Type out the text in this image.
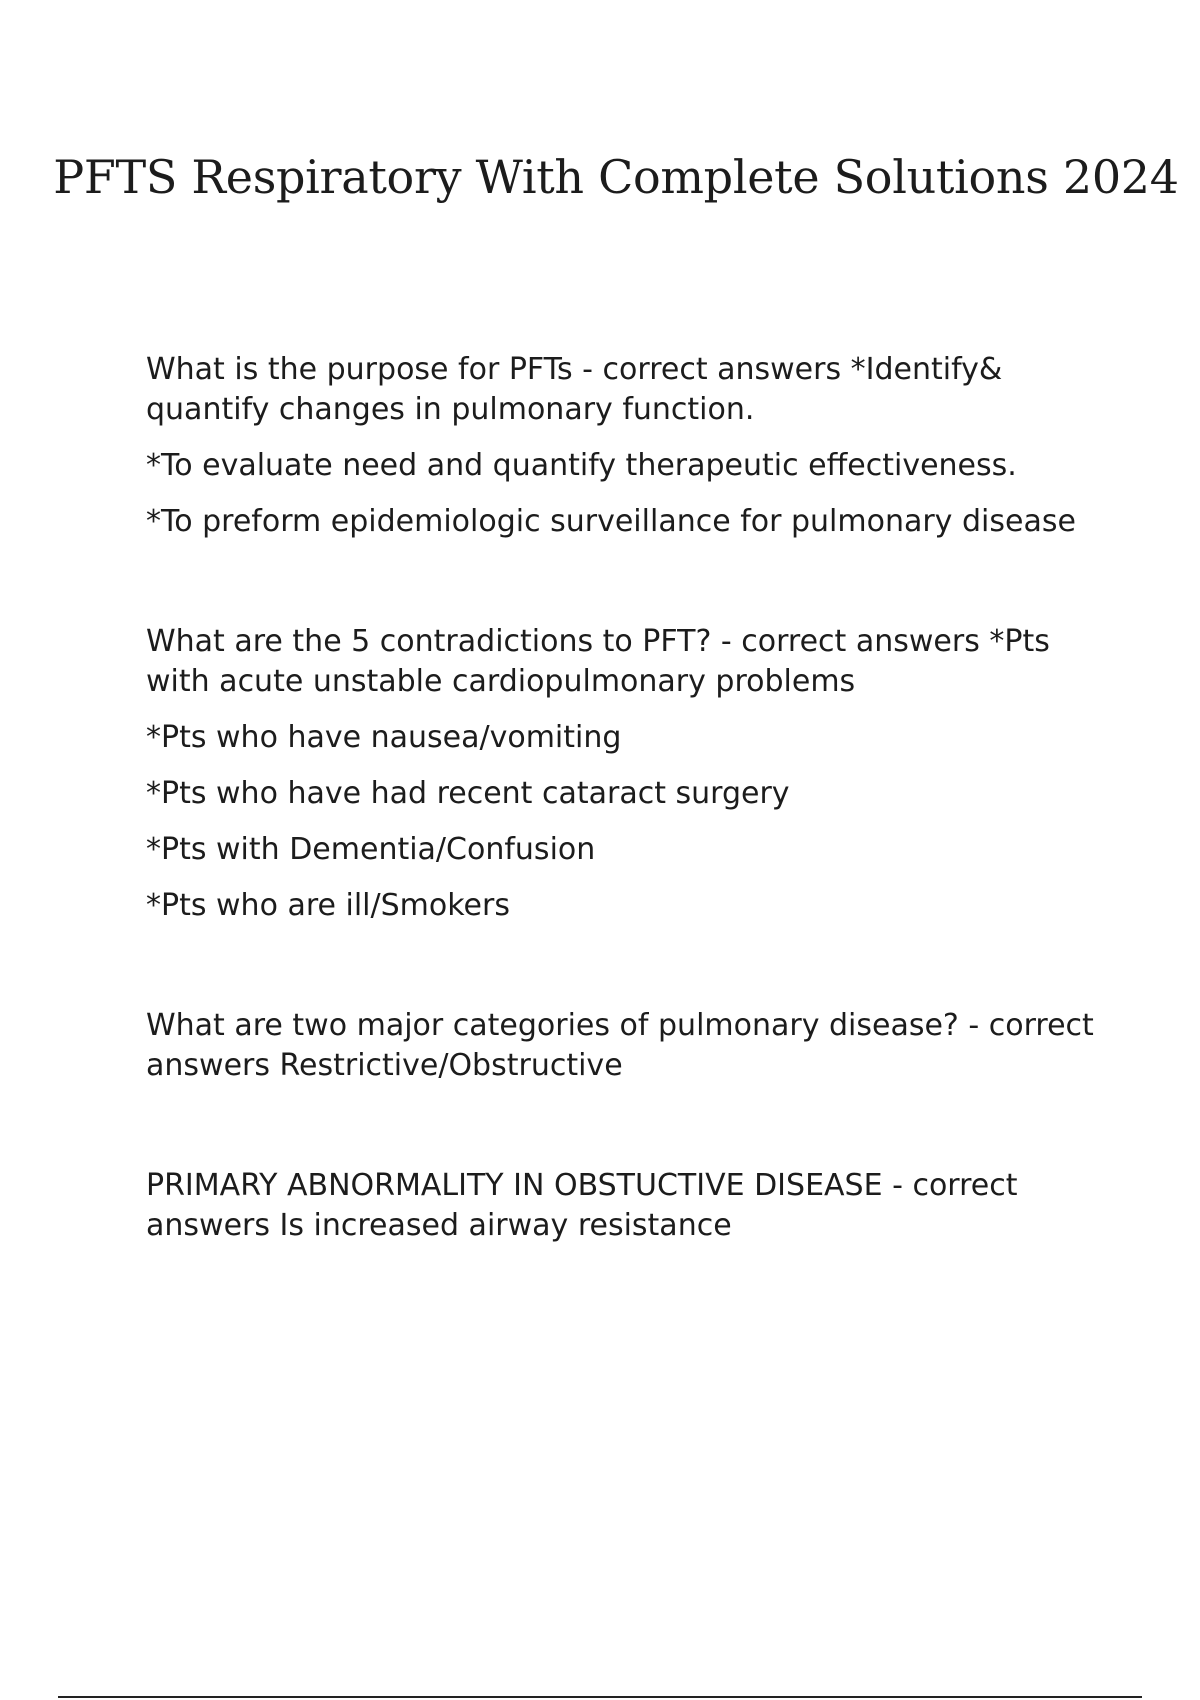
PFTS Respiratory With Complete Solutions 2024

What is the purpose for PFTs - correct answers *Identify& quantify changes in pulmonary function.

*To evaluate need and quantify therapeutic effectiveness.

*To preform epidemiologic surveillance for pulmonary disease

What are the 5 contradictions to PFT? - correct answers *Pts with acute unstable cardiopulmonary problems

*Pts who have nausea/vomiting

*Pts who have had recent cataract surgery

*Pts with Dementia/Confusion

*Pts who are ill/Smokers

What are two major categories of pulmonary disease? - correct answers Restrictive/Obstructive

PRIMARY ABNORMALITY IN OBSTUCTIVE DISEASE - correct answers Is increased airway resistance
